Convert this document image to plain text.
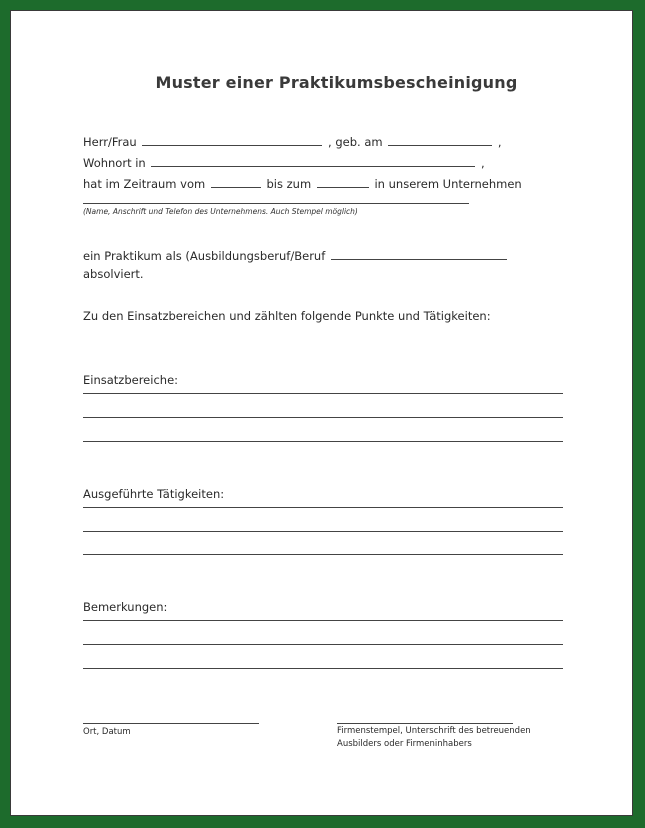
Muster einer Praktikumsbescheinigung
Herr/Frau	, geb. am	,
Wohnort in	,
hat im Zeitraum vom	bis zum	in unserem Unternehmen
(Name, Anschrift und Telefon des Unternehmens. Auch Stempel möglich)
ein Praktikum als (Ausbildungsberuf/Beruf
absolviert.
Zu den Einsatzbereichen und zählten folgende Punkte und Tätigkeiten:
Einsatzbereiche:
Ausgeführte Tätigkeiten:
Bemerkungen:
Ort, Datum	Firmenstempel, Unterschrift des betreuenden
Ausbilders oder Firmeninhabers
